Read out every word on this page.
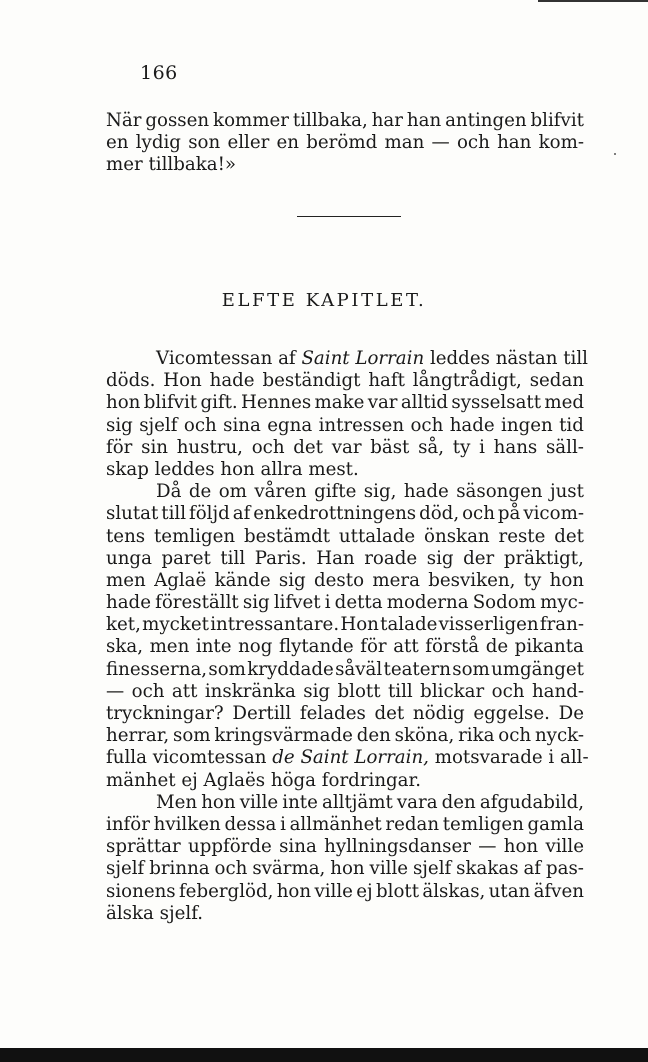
166
När gossen kommer tillbaka, har han antingen blifvit
en lydig son eller en berömd man — och han kom-
mer tillbaka!»
ELFTE KAPITLET.
Vicomtessan af Saint Lorrain leddes nästan till
döds. Hon hade beständigt haft långtrådigt, sedan
hon blifvit gift. Hennes make var alltid sysselsatt med
sig sjelf och sina egna intressen och hade ingen tid
för sin hustru, och det var bäst så, ty i hans säll-
skap leddes hon allra mest.
Då de om våren gifte sig, hade säsongen just
slutat till följd af enkedrottningens död, och på vicom-
tens temligen bestämdt uttalade önskan reste det
unga paret till Paris. Han roade sig der präktigt,
men Aglaë kände sig desto mera besviken, ty hon
hade föreställt sig lifvet i detta moderna Sodom myc-
ket, mycket intressantare. Hon talade visserligen fran-
ska, men inte nog flytande för att förstå de pikanta
finesserna, som kryddade såväl teatern som umgänget
— och att inskränka sig blott till blickar och hand-
tryckningar? Dertill felades det nödig eggelse. De
herrar, som kringsvärmade den sköna, rika och nyck-
fulla vicomtessan de Saint Lorrain, motsvarade i all-
mänhet ej Aglaës höga fordringar.
Men hon ville inte alltjämt vara den afgudabild,
inför hvilken dessa i allmänhet redan temligen gamla
sprättar uppförde sina hyllningsdanser — hon ville
sjelf brinna och svärma, hon ville sjelf skakas af pas-
sionens feberglöd, hon ville ej blott älskas, utan äfven
älska sjelf.
